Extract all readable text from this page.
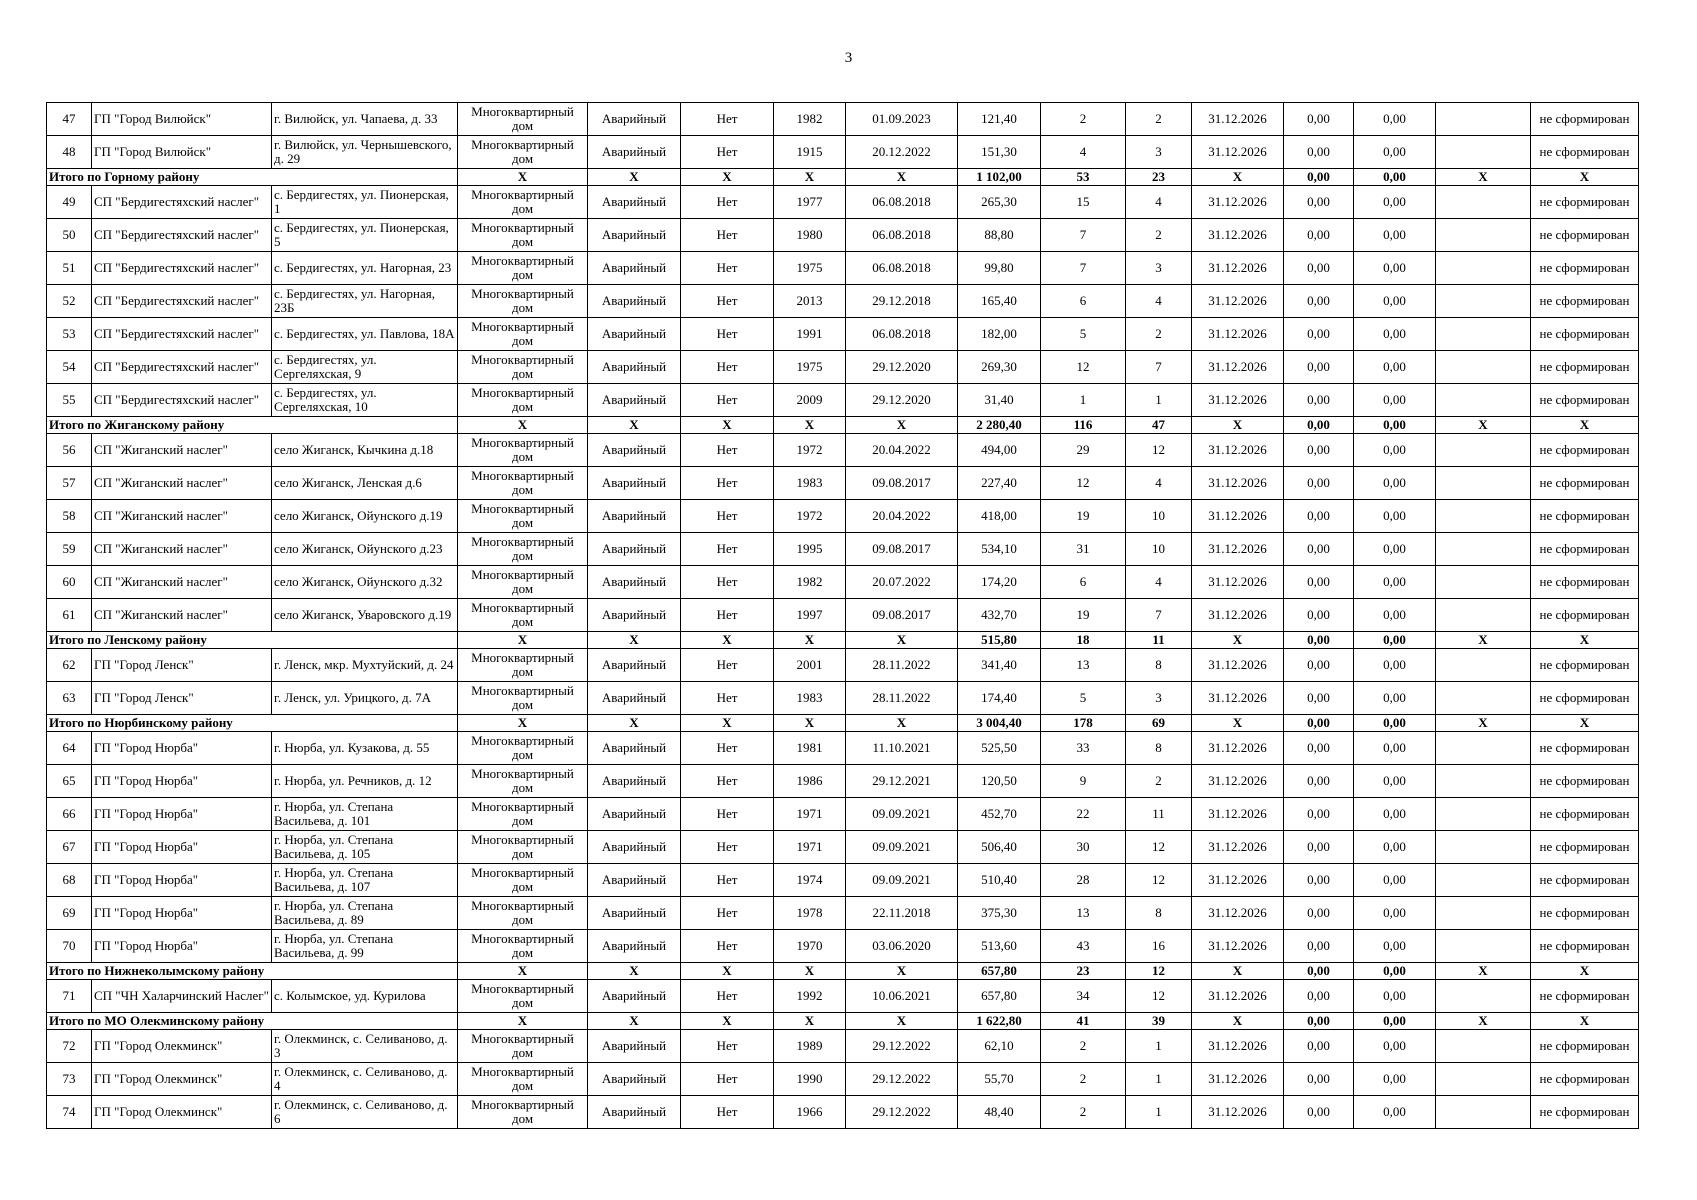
3
47	ГП "Город Вилюйск"	г. Вилюйск, ул. Чапаева, д. 33	Многоквартирный дом	Аварийный	Нет	1982	01.09.2023	121,40	2	2	31.12.2026	0,00	0,00		не сформирован
48	ГП "Город Вилюйск"	г. Вилюйск, ул. Чернышевского, д. 29	Многоквартирный дом	Аварийный	Нет	1915	20.12.2022	151,30	4	3	31.12.2026	0,00	0,00		не сформирован
Итого по Горному району			X	X	X	X	X	1 102,00	53	23	X	0,00	0,00	X	X
49	СП "Бердигестяхский наслег"	с. Бердигестях, ул. Пионерская, 1	Многоквартирный дом	Аварийный	Нет	1977	06.08.2018	265,30	15	4	31.12.2026	0,00	0,00		не сформирован
50	СП "Бердигестяхский наслег"	с. Бердигестях, ул. Пионерская, 5	Многоквартирный дом	Аварийный	Нет	1980	06.08.2018	88,80	7	2	31.12.2026	0,00	0,00		не сформирован
51	СП "Бердигестяхский наслег"	с. Бердигестях, ул. Нагорная, 23	Многоквартирный дом	Аварийный	Нет	1975	06.08.2018	99,80	7	3	31.12.2026	0,00	0,00		не сформирован
52	СП "Бердигестяхский наслег"	с. Бердигестях, ул. Нагорная, 23Б	Многоквартирный дом	Аварийный	Нет	2013	29.12.2018	165,40	6	4	31.12.2026	0,00	0,00		не сформирован
53	СП "Бердигестяхский наслег"	с. Бердигестях, ул. Павлова, 18А	Многоквартирный дом	Аварийный	Нет	1991	06.08.2018	182,00	5	2	31.12.2026	0,00	0,00		не сформирован
54	СП "Бердигестяхский наслег"	с. Бердигестях, ул. Сергеляхская, 9	Многоквартирный дом	Аварийный	Нет	1975	29.12.2020	269,30	12	7	31.12.2026	0,00	0,00		не сформирован
55	СП "Бердигестяхский наслег"	с. Бердигестях, ул. Сергеляхская, 10	Многоквартирный дом	Аварийный	Нет	2009	29.12.2020	31,40	1	1	31.12.2026	0,00	0,00		не сформирован
Итого по Жиганскому району			X	X	X	X	X	2 280,40	116	47	X	0,00	0,00	X	X
56	СП "Жиганский наслег"	село Жиганск, Кычкина д.18	Многоквартирный дом	Аварийный	Нет	1972	20.04.2022	494,00	29	12	31.12.2026	0,00	0,00		не сформирован
57	СП "Жиганский наслег"	село Жиганск, Ленская д.6	Многоквартирный дом	Аварийный	Нет	1983	09.08.2017	227,40	12	4	31.12.2026	0,00	0,00		не сформирован
58	СП "Жиганский наслег"	село Жиганск, Ойунского д.19	Многоквартирный дом	Аварийный	Нет	1972	20.04.2022	418,00	19	10	31.12.2026	0,00	0,00		не сформирован
59	СП "Жиганский наслег"	село Жиганск, Ойунского д.23	Многоквартирный дом	Аварийный	Нет	1995	09.08.2017	534,10	31	10	31.12.2026	0,00	0,00		не сформирован
60	СП "Жиганский наслег"	село Жиганск, Ойунского д.32	Многоквартирный дом	Аварийный	Нет	1982	20.07.2022	174,20	6	4	31.12.2026	0,00	0,00		не сформирован
61	СП "Жиганский наслег"	село Жиганск, Уваровского д.19	Многоквартирный дом	Аварийный	Нет	1997	09.08.2017	432,70	19	7	31.12.2026	0,00	0,00		не сформирован
Итого по Ленскому району			X	X	X	X	X	515,80	18	11	X	0,00	0,00	X	X
62	ГП "Город Ленск"	г. Ленск, мкр. Мухтуйский, д. 24	Многоквартирный дом	Аварийный	Нет	2001	28.11.2022	341,40	13	8	31.12.2026	0,00	0,00		не сформирован
63	ГП "Город Ленск"	г. Ленск, ул. Урицкого, д. 7А	Многоквартирный дом	Аварийный	Нет	1983	28.11.2022	174,40	5	3	31.12.2026	0,00	0,00		не сформирован
Итого по Нюрбинскому району			X	X	X	X	X	3 004,40	178	69	X	0,00	0,00	X	X
64	ГП "Город Нюрба"	г. Нюрба, ул. Кузакова, д. 55	Многоквартирный дом	Аварийный	Нет	1981	11.10.2021	525,50	33	8	31.12.2026	0,00	0,00		не сформирован
65	ГП "Город Нюрба"	г. Нюрба, ул. Речников, д. 12	Многоквартирный дом	Аварийный	Нет	1986	29.12.2021	120,50	9	2	31.12.2026	0,00	0,00		не сформирован
66	ГП "Город Нюрба"	г. Нюрба, ул. Степана Васильева, д. 101	Многоквартирный дом	Аварийный	Нет	1971	09.09.2021	452,70	22	11	31.12.2026	0,00	0,00		не сформирован
67	ГП "Город Нюрба"	г. Нюрба, ул. Степана Васильева, д. 105	Многоквартирный дом	Аварийный	Нет	1971	09.09.2021	506,40	30	12	31.12.2026	0,00	0,00		не сформирован
68	ГП "Город Нюрба"	г. Нюрба, ул. Степана Васильева, д. 107	Многоквартирный дом	Аварийный	Нет	1974	09.09.2021	510,40	28	12	31.12.2026	0,00	0,00		не сформирован
69	ГП "Город Нюрба"	г. Нюрба, ул. Степана Васильева, д. 89	Многоквартирный дом	Аварийный	Нет	1978	22.11.2018	375,30	13	8	31.12.2026	0,00	0,00		не сформирован
70	ГП "Город Нюрба"	г. Нюрба, ул. Степана Васильева, д. 99	Многоквартирный дом	Аварийный	Нет	1970	03.06.2020	513,60	43	16	31.12.2026	0,00	0,00		не сформирован
Итого по Нижнеколымскому району			X	X	X	X	X	657,80	23	12	X	0,00	0,00	X	X
71	СП "ЧН Халарчинский Наслег"	с. Колымское, уд. Курилова	Многоквартирный дом	Аварийный	Нет	1992	10.06.2021	657,80	34	12	31.12.2026	0,00	0,00		не сформирован
Итого по МО Олекминскому району			X	X	X	X	X	1 622,80	41	39	X	0,00	0,00	X	X
72	ГП "Город Олекминск"	г. Олекминск, с. Селиваново, д. 3	Многоквартирный дом	Аварийный	Нет	1989	29.12.2022	62,10	2	1	31.12.2026	0,00	0,00		не сформирован
73	ГП "Город Олекминск"	г. Олекминск, с. Селиваново, д. 4	Многоквартирный дом	Аварийный	Нет	1990	29.12.2022	55,70	2	1	31.12.2026	0,00	0,00		не сформирован
74	ГП "Город Олекминск"	г. Олекминск, с. Селиваново, д. 6	Многоквартирный дом	Аварийный	Нет	1966	29.12.2022	48,40	2	1	31.12.2026	0,00	0,00		не сформирован
